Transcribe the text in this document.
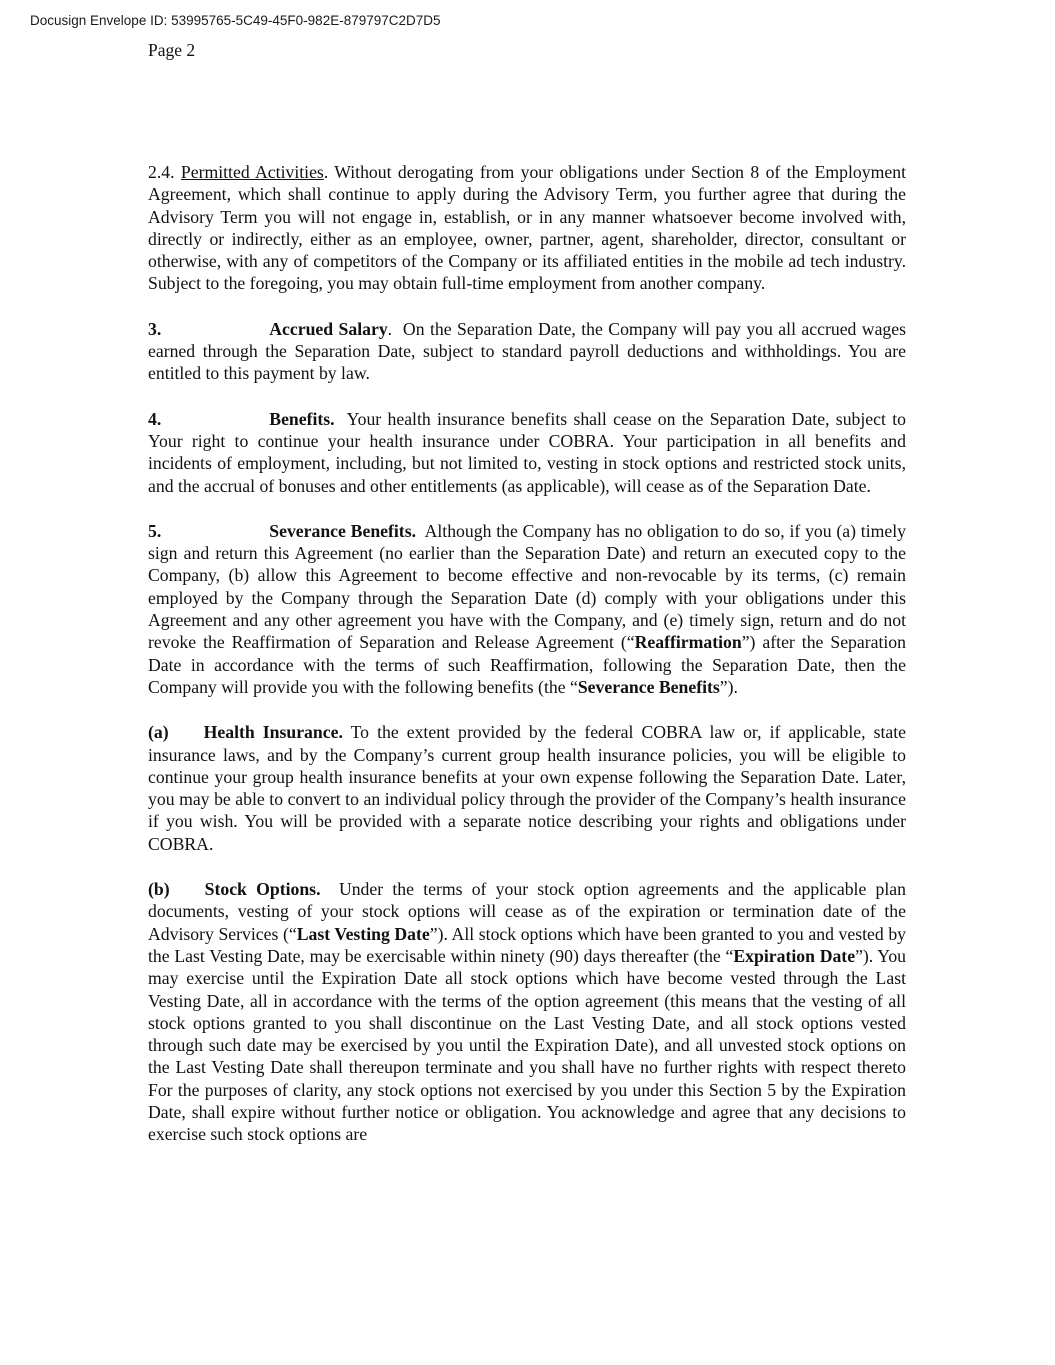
Docusign Envelope ID: 53995765-5C49-45F0-982E-879797C2D7D5
Page 2

2.4. Permitted Activities. Without derogating from your obligations under Section 8 of the Employment Agreement, which shall continue to apply during the Advisory Term, you further agree that during the Advisory Term you will not engage in, establish, or in any manner whatsoever become involved with, directly or indirectly, either as an employee, owner, partner, agent, shareholder, director, consultant or otherwise, with any of competitors of the Company or its affiliated entities in the mobile ad tech industry. Subject to the foregoing, you may obtain full-time employment from another company.

3.	Accrued Salary.  On the Separation Date, the Company will pay you all accrued wages earned through the Separation Date, subject to standard payroll deductions and withholdings. You are entitled to this payment by law.

4.	Benefits.  Your health insurance benefits shall cease on the Separation Date, subject to Your right to continue your health insurance under COBRA. Your participation in all benefits and incidents of employment, including, but not limited to, vesting in stock options and restricted stock units, and the accrual of bonuses and other entitlements (as applicable), will cease as of the Separation Date.

5.	Severance Benefits.  Although the Company has no obligation to do so, if you (a) timely sign and return this Agreement (no earlier than the Separation Date) and return an executed copy to the Company, (b) allow this Agreement to become effective and non-revocable by its terms, (c) remain employed by the Company through the Separation Date (d) comply with your obligations under this Agreement and any other agreement you have with the Company, and (e) timely sign, return and do not revoke the Reaffirmation of Separation and Release Agreement (“Reaffirmation”) after the Separation Date in accordance with the terms of such Reaffirmation, following the Separation Date, then the Company will provide you with the following benefits (the “Severance Benefits”).

(a) Health Insurance. To the extent provided by the federal COBRA law or, if applicable, state insurance laws, and by the Company’s current group health insurance policies, you will be eligible to continue your group health insurance benefits at your own expense following the Separation Date. Later, you may be able to convert to an individual policy through the provider of the Company’s health insurance if you wish. You will be provided with a separate notice describing your rights and obligations under COBRA.

(b) Stock Options.  Under the terms of your stock option agreements and the applicable plan documents, vesting of your stock options will cease as of the expiration or termination date of the Advisory Services (“Last Vesting Date”). All stock options which have been granted to you and vested by the Last Vesting Date, may be exercisable within ninety (90) days thereafter (the “Expiration Date”). You may exercise until the Expiration Date all stock options which have become vested through the Last Vesting Date, all in accordance with the terms of the option agreement (this means that the vesting of all stock options granted to you shall discontinue on the Last Vesting Date, and all stock options vested through such date may be exercised by you until the Expiration Date), and all unvested stock options on the Last Vesting Date shall thereupon terminate and you shall have no further rights with respect thereto For the purposes of clarity, any stock options not exercised by you under this Section 5 by the Expiration Date, shall expire without further notice or obligation. You acknowledge and agree that any decisions to exercise such stock options are
